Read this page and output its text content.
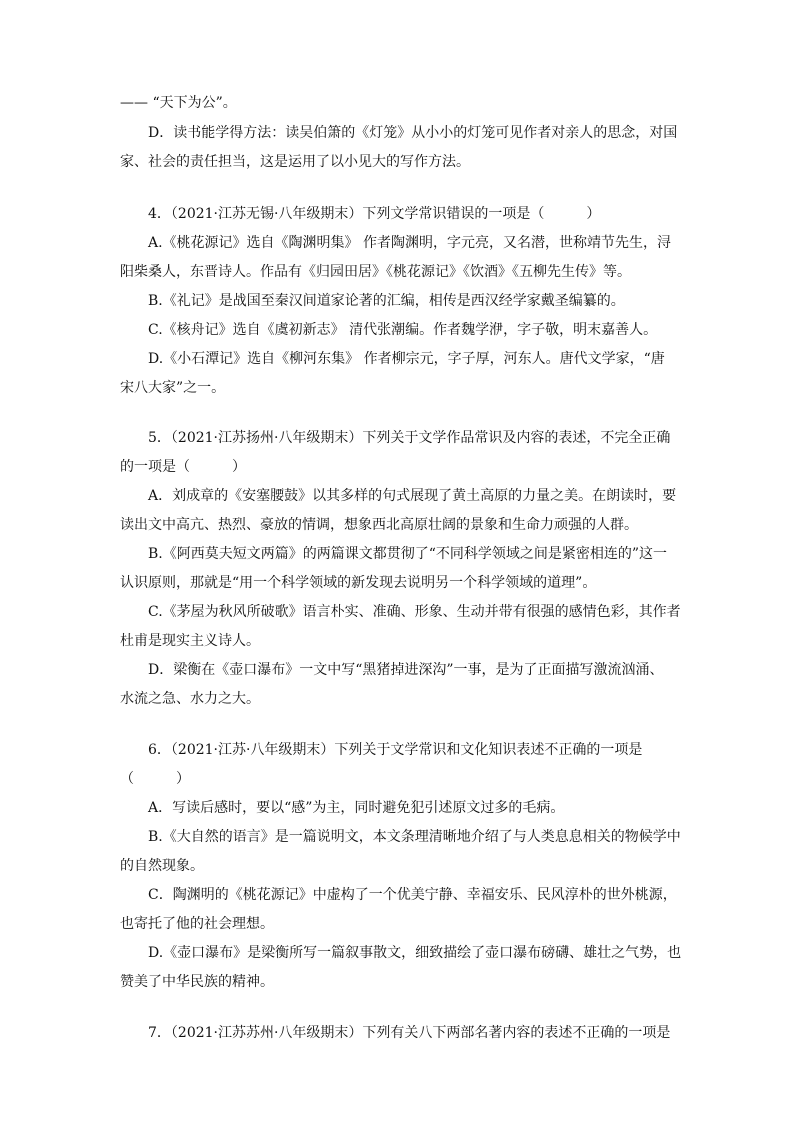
—— “天下为公”。
D．读书能学得方法：读吴伯箫的《灯笼》从小小的灯笼可见作者对亲人的思念，对国
家、社会的责任担当，这是运用了以小见大的写作方法。
4．（2021·江苏无锡·八年级期末）下列文学常识错误的一项是（　　　）
A.《桃花源记》选自《陶渊明集》 作者陶渊明，字元亮，又名潜，世称靖节先生，浔
阳柴桑人，东晋诗人。作品有《归园田居》《桃花源记》《饮酒》《五柳先生传》等。
B.《礼记》是战国至秦汉间道家论著的汇编，相传是西汉经学家戴圣编纂的。
C.《核舟记》选自《虞初新志》 清代张潮编。作者魏学洢，字子敬，明末嘉善人。
D.《小石潭记》选自《柳河东集》 作者柳宗元，字子厚，河东人。唐代文学家，“唐
宋八大家”之一。
5．（2021·江苏扬州·八年级期末）下列关于文学作品常识及内容的表述，不完全正确
的一项是（　　　）
A．刘成章的《安塞腰鼓》以其多样的句式展现了黄土高原的力量之美。在朗读时，要
读出文中高亢、热烈、豪放的情调，想象西北高原壮阔的景象和生命力顽强的人群。
B.《阿西莫夫短文两篇》的两篇课文都贯彻了“不同科学领域之间是紧密相连的”这一
认识原则，那就是“用一个科学领域的新发现去说明另一个科学领域的道理”。
C.《茅屋为秋风所破歌》语言朴实、准确、形象、生动并带有很强的感情色彩，其作者
杜甫是现实主义诗人。
D．梁衡在《壶口瀑布》一文中写“黑猪掉进深沟”一事，是为了正面描写激流汹涌、
水流之急、水力之大。
6．（2021·江苏·八年级期末）下列关于文学常识和文化知识表述不正确的一项是
（　　　）
A．写读后感时，要以“感”为主，同时避免犯引述原文过多的毛病。
B.《大自然的语言》是一篇说明文，本文条理清晰地介绍了与人类息息相关的物候学中
的自然现象。
C．陶渊明的《桃花源记》中虚构了一个优美宁静、幸福安乐、民风淳朴的世外桃源，
也寄托了他的社会理想。
D.《壶口瀑布》是梁衡所写一篇叙事散文，细致描绘了壶口瀑布磅礴、雄壮之气势，也
赞美了中华民族的精神。
7．（2021·江苏苏州·八年级期末）下列有关八下两部名著内容的表述不正确的一项是
